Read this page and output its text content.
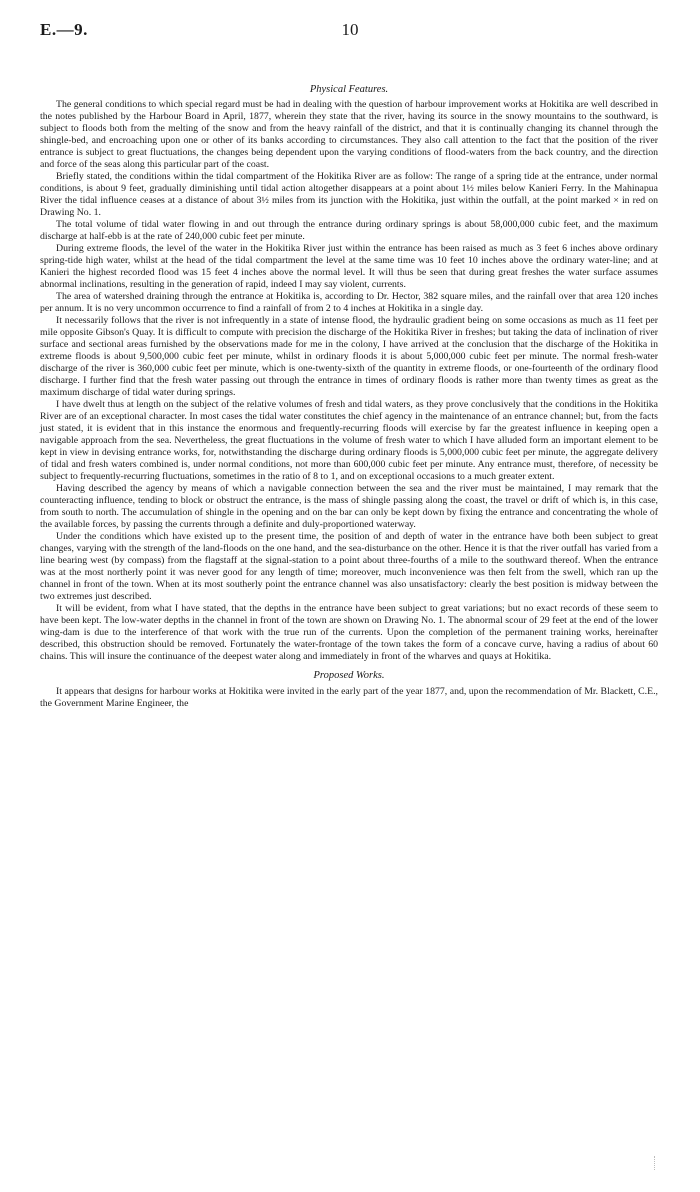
E.—9.	10
Physical Features.

The general conditions to which special regard must be had in dealing with the question of harbour improvement works at Hokitika are well described in the notes published by the Harbour Board in April, 1877, wherein they state that the river, having its source in the snowy mountains to the southward, is subject to floods both from the melting of the snow and from the heavy rainfall of the district, and that it is continually changing its channel through the shingle-bed, and encroaching upon one or other of its banks according to circumstances. They also call attention to the fact that the position of the river entrance is subject to great fluctuations, the changes being dependent upon the varying conditions of flood-waters from the back country, and the direction and force of the seas along this particular part of the coast.

Briefly stated, the conditions within the tidal compartment of the Hokitika River are as follow: The range of a spring tide at the entrance, under normal conditions, is about 9 feet, gradually diminishing until tidal action altogether disappears at a point about 1½ miles below Kanieri Ferry. In the Mahinapua River the tidal influence ceases at a distance of about 3½ miles from its junction with the Hokitika, just within the outfall, at the point marked × in red on Drawing No. 1.

The total volume of tidal water flowing in and out through the entrance during ordinary springs is about 58,000,000 cubic feet, and the maximum discharge at half-ebb is at the rate of 240,000 cubic feet per minute.

During extreme floods, the level of the water in the Hokitika River just within the entrance has been raised as much as 3 feet 6 inches above ordinary spring-tide high water, whilst at the head of the tidal compartment the level at the same time was 10 feet 10 inches above the ordinary water-line; and at Kanieri the highest recorded flood was 15 feet 4 inches above the normal level. It will thus be seen that during great freshes the water surface assumes abnormal inclinations, resulting in the generation of rapid, indeed I may say violent, currents.

The area of watershed draining through the entrance at Hokitika is, according to Dr. Hector, 382 square miles, and the rainfall over that area 120 inches per annum. It is no very uncommon occurrence to find a rainfall of from 2 to 4 inches at Hokitika in a single day.

It necessarily follows that the river is not infrequently in a state of intense flood, the hydraulic gradient being on some occasions as much as 11 feet per mile opposite Gibson's Quay. It is difficult to compute with precision the discharge of the Hokitika River in freshes; but taking the data of inclination of river surface and sectional areas furnished by the observations made for me in the colony, I have arrived at the conclusion that the discharge of the Hokitika in extreme floods is about 9,500,000 cubic feet per minute, whilst in ordinary floods it is about 5,000,000 cubic feet per minute. The normal fresh-water discharge of the river is 360,000 cubic feet per minute, which is one-twenty-sixth of the quantity in extreme floods, or one-fourteenth of the ordinary flood discharge. I further find that the fresh water passing out through the entrance in times of ordinary floods is rather more than twenty times as great as the maximum discharge of tidal water during springs.

I have dwelt thus at length on the subject of the relative volumes of fresh and tidal waters, as they prove conclusively that the conditions in the Hokitika River are of an exceptional character. In most cases the tidal water constitutes the chief agency in the maintenance of an entrance channel; but, from the facts just stated, it is evident that in this instance the enormous and frequently-recurring floods will exercise by far the greatest influence in keeping open a navigable approach from the sea. Nevertheless, the great fluctuations in the volume of fresh water to which I have alluded form an important element to be kept in view in devising entrance works, for, notwithstanding the discharge during ordinary floods is 5,000,000 cubic feet per minute, the aggregate delivery of tidal and fresh waters combined is, under normal conditions, not more than 600,000 cubic feet per minute. Any entrance must, therefore, of necessity be subject to frequently-recurring fluctuations, sometimes in the ratio of 8 to 1, and on exceptional occasions to a much greater extent.

Having described the agency by means of which a navigable connection between the sea and the river must be maintained, I may remark that the counteracting influence, tending to block or obstruct the entrance, is the mass of shingle passing along the coast, the travel or drift of which is, in this case, from south to north. The accumulation of shingle in the opening and on the bar can only be kept down by fixing the entrance and concentrating the whole of the available forces, by passing the currents through a definite and duly-proportioned waterway.

Under the conditions which have existed up to the present time, the position of and depth of water in the entrance have both been subject to great changes, varying with the strength of the land-floods on the one hand, and the sea-disturbance on the other. Hence it is that the river outfall has varied from a line bearing west (by compass) from the flagstaff at the signal-station to a point about three-fourths of a mile to the southward thereof. When the entrance was at the most northerly point it was never good for any length of time; moreover, much inconvenience was then felt from the swell, which ran up the channel in front of the town. When at its most southerly point the entrance channel was also unsatisfactory: clearly the best position is midway between the two extremes just described.

It will be evident, from what I have stated, that the depths in the entrance have been subject to great variations; but no exact records of these seem to have been kept. The low-water depths in the channel in front of the town are shown on Drawing No. 1. The abnormal scour of 29 feet at the end of the lower wing-dam is due to the interference of that work with the true run of the currents. Upon the completion of the permanent training works, hereinafter described, this obstruction should be removed. Fortunately the water-frontage of the town takes the form of a concave curve, having a radius of about 60 chains. This will insure the continuance of the deepest water along and immediately in front of the wharves and quays at Hokitika.

Proposed Works.

It appears that designs for harbour works at Hokitika were invited in the early part of the year 1877, and, upon the recommendation of Mr. Blackett, C.E., the Government Marine Engineer, the
